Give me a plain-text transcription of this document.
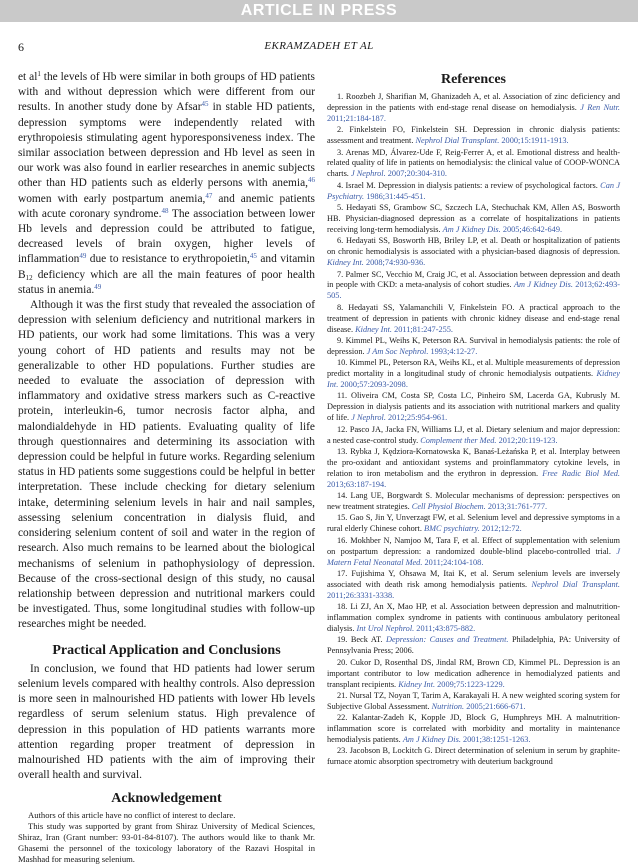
ARTICLE IN PRESS
6	EKRAMZADEH ET AL

et $al^1$ the levels of Hb were similar in both groups of HD patients with and without depression which were different from our results. In another study done by Afsar$^{45}$ in stable HD patients, depression symptoms were independently related with erythropoiesis stimulating agent hyporesponsiveness index. The similar association between depression and Hb level as seen in our work was also found in earlier researches in anemic subjects other than HD patients such as elderly persons with anemia,$^{46}$ women with early postpartum anemia,$^{47}$ and anemic patients with acute coronary syndrome.$^{48}$ The association between lower Hb levels and depression could be attributed to fatigue, decreased levels of brain oxygen, higher levels of inflammation$^{49}$ due to resistance to erythropoietin,$^{45}$ and vitamin $B_{12}$ deficiency which are all the main features of poor health status in anemia.$^{49}$

Although it was the first study that revealed the association of depression with selenium deficiency and nutritional markers in HD patients, our work had some limitations. This was a very young cohort of HD patients and results may not be generalizable to other HD populations. Further studies are needed to evaluate the association of depression with inflammatory and oxidative stress markers such as C-reactive protein, interleukin-6, tumor necrosis factor alpha, and malondialdehyde in HD patients. Evaluating quality of life through questionnaires and determining its association with depression could be helpful in future works. Regarding selenium status in HD patients some suggestions could be helpful in better interpretation. These include checking for dietary selenium intake, determining selenium levels in hair and nail samples, assessing selenium concentration in dialysis fluid, and considering selenium content of soil and water in the region of research. Also much remains to be learned about the biological mechanisms of selenium in pathophysiology of depression. Because of the cross-sectional design of this study, no causal relationship between depression and nutritional markers could be investigated. Thus, some longitudinal studies with follow-up researches might be needed.

Practical Application and Conclusions

In conclusion, we found that HD patients had lower serum selenium levels compared with healthy controls. Also depression is more seen in malnourished HD patients with lower Hb levels regardless of serum selenium status. High prevalence of depression in this population of HD patients warrants more attention regarding proper treatment of depression in malnourished HD patients with the aim of improving their overall health and survival.

Acknowledgement

Authors of this article have no conflict of interest to declare.

This study was supported by grant from Shiraz University of Medical Sciences, Shiraz, Iran (Grant number: 93-01-84-8107). The authors would like to thank Mr. Ghasemi the personnel of the toxicology laboratory of the Razavi Hospital in Mashhad for measuring selenium.

References
1. Roozbeh J, Sharifian M, Ghanizadeh A, et al. Association of zinc deficiency and depression in the patients with end-stage renal disease on hemodialysis. J Ren Nutr. 2011;21:184-187.
2. Finkelstein FO, Finkelstein SH. Depression in chronic dialysis patients: assessment and treatment. Nephrol Dial Transplant. 2000;15:1911-1913.
3. Arenas MD, Álvarez-Ude F, Reig-Ferrer A, et al. Emotional distress and health-related quality of life in patients on hemodialysis: the clinical value of COOP-WONCA charts. J Nephrol. 2007;20:304-310.
4. Israel M. Depression in dialysis patients: a review of psychological factors. Can J Psychiatry. 1986;31:445-451.
5. Hedayati SS, Grambow SC, Szczech LA, Stechuchak KM, Allen AS, Bosworth HB. Physician-diagnosed depression as a correlate of hospitalizations in patients receiving long-term hemodialysis. Am J Kidney Dis. 2005;46:642-649.
6. Hedayati SS, Bosworth HB, Briley LP, et al. Death or hospitalization of patients on chronic hemodialysis is associated with a physician-based diagnosis of depression. Kidney Int. 2008;74:930-936.
7. Palmer SC, Vecchio M, Craig JC, et al. Association between depression and death in people with CKD: a meta-analysis of cohort studies. Am J Kidney Dis. 2013;62:493-505.
8. Hedayati SS, Yalamanchili V, Finkelstein FO. A practical approach to the treatment of depression in patients with chronic kidney disease and end-stage renal disease. Kidney Int. 2011;81:247-255.
9. Kimmel PL, Weihs K, Peterson RA. Survival in hemodialysis patients: the role of depression. J Am Soc Nephrol. 1993;4:12-27.
10. Kimmel PL, Peterson RA, Weihs KL, et al. Multiple measurements of depression predict mortality in a longitudinal study of chronic hemodialysis outpatients. Kidney Int. 2000;57:2093-2098.
11. Oliveira CM, Costa SP, Costa LC, Pinheiro SM, Lacerda GA, Kubrusly M. Depression in dialysis patients and its association with nutritional markers and quality of life. J Nephrol. 2012;25:954-961.
12. Pasco JA, Jacka FN, Williams LJ, et al. Dietary selenium and major depression: a nested case-control study. Complement ther Med. 2012;20:119-123.
13. Rybka J, Kędziora-Kornatowska K, Banaś-Leżańska P, et al. Interplay between the pro-oxidant and antioxidant systems and proinflammatory cytokine levels, in relation to iron metabolism and the erythron in depression. Free Radic Biol Med. 2013;63:187-194.
14. Lang UE, Borgwardt S. Molecular mechanisms of depression: perspectives on new treatment strategies. Cell Physiol Biochem. 2013;31:761-777.
15. Gao S, Jin Y, Unverzagt FW, et al. Selenium level and depressive symptoms in a rural elderly Chinese cohort. BMC psychiatry. 2012;12:72.
16. Mokhber N, Namjoo M, Tara F, et al. Effect of supplementation with selenium on postpartum depression: a randomized double-blind placebo-controlled trial. J Matern Fetal Neonatal Med. 2011;24:104-108.
17. Fujishima Y, Ohsawa M, Itai K, et al. Serum selenium levels are inversely associated with death risk among hemodialysis patients. Nephrol Dial Transplant. 2011;26:3331-3338.
18. Li ZJ, An X, Mao HP, et al. Association between depression and malnutrition-inflammation complex syndrome in patients with continuous ambulatory peritoneal dialysis. Int Urol Nephrol. 2011;43:875-882.
19. Beck AT. Depression: Causes and Treatment. Philadelphia, PA: University of Pennsylvania Press; 2006.
20. Cukor D, Rosenthal DS, Jindal RM, Brown CD, Kimmel PL. Depression is an important contributor to low medication adherence in hemodialyzed patients and transplant recipients. Kidney Int. 2009;75:1223-1229.
21. Nursal TZ, Noyan T, Tarim A, Karakayali H. A new weighted scoring system for Subjective Global Assessment. Nutrition. 2005;21:666-671.
22. Kalantar-Zadeh K, Kopple JD, Block G, Humphreys MH. A malnutrition-inflammation score is correlated with morbidity and mortality in maintenance hemodialysis patients. Am J Kidney Dis. 2001;38:1251-1263.
23. Jacobson B, Lockitch G. Direct determination of selenium in serum by graphite-furnace atomic absorption spectrometry with deuterium background
